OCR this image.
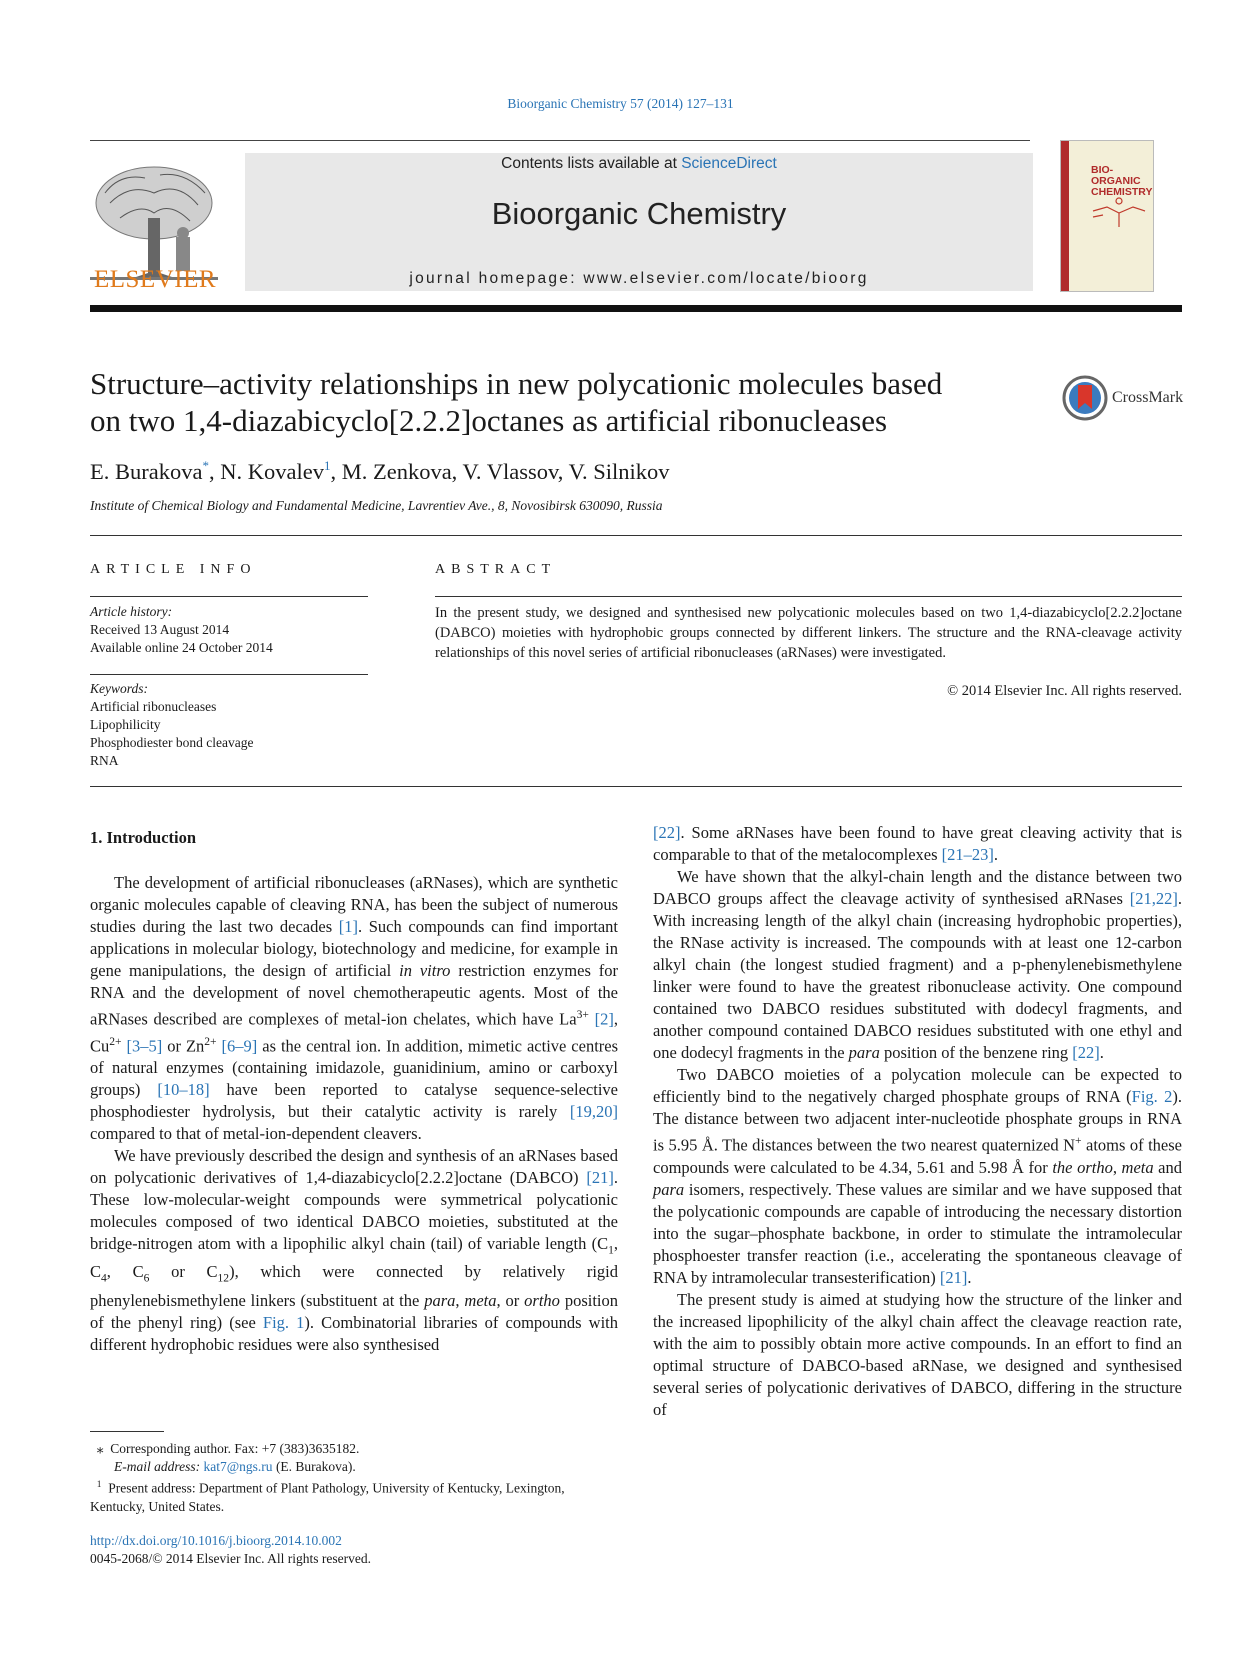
Bioorganic Chemistry 57 (2014) 127–131
ELSEVIER
Contents lists available at ScienceDirect
Bioorganic Chemistry
journal homepage: www.elsevier.com/locate/bioorg
BIO-ORGANIC
CHEMISTRY
Structure–activity relationships in new polycationic molecules based
on two 1,4-diazabicyclo[2.2.2]octanes as artificial ribonucleases
CrossMark
E. Burakova*, N. Kovalev$^1$, M. Zenkova, V. Vlassov, V. Silnikov
Institute of Chemical Biology and Fundamental Medicine, Lavrentiev Ave., 8, Novosibirsk 630090, Russia
ARTICLE INFO
Article history:
Received 13 August 2014
Available online 24 October 2014
Keywords:
Artificial ribonucleases
Lipophilicity
Phosphodiester bond cleavage
RNA
ABSTRACT
In the present study, we designed and synthesised new polycationic molecules based on two 1,4-diazabicyclo[2.2.2]octane (DABCO) moieties with hydrophobic groups connected by different linkers. The structure and the RNA-cleavage activity relationships of this novel series of artificial ribonucleases (aRNases) were investigated.
© 2014 Elsevier Inc. All rights reserved.
1. Introduction

The development of artificial ribonucleases (aRNases), which are synthetic organic molecules capable of cleaving RNA, has been the subject of numerous studies during the last two decades [1]. Such compounds can find important applications in molecular biology, biotechnology and medicine, for example in gene manipulations, the design of artificial in vitro restriction enzymes for RNA and the development of novel chemotherapeutic agents. Most of the aRNases described are complexes of metal-ion chelates, which have $La^{3+}$ [2], $Cu^{2+}$ [3–5] or $Zn^{2+}$ [6–9] as the central ion. In addition, mimetic active centres of natural enzymes (containing imidazole, guanidinium, amino or carboxyl groups) [10–18] have been reported to catalyse sequence-selective phosphodiester hydrolysis, but their catalytic activity is rarely [19,20] compared to that of metal-ion-dependent cleavers.

We have previously described the design and synthesis of an aRNases based on polycationic derivatives of 1,4-diazabicyclo[2.2.2]octane (DABCO) [21]. These low-molecular-weight compounds were symmetrical polycationic molecules composed of two identical DABCO moieties, substituted at the bridge-nitrogen atom with a lipophilic alkyl chain (tail) of variable length ($C_1$, $C_4$, $C_6$ or $C_{12}$), which were connected by relatively rigid phenylenebismethylene linkers (substituent at the para, meta, or ortho position of the phenyl ring) (see Fig. 1). Combinatorial libraries of compounds with different hydrophobic residues were also synthesised

⁎ Corresponding author. Fax: +7 (383)3635182.
E-mail address: kat7@ngs.ru (E. Burakova).
$^1$ Present address: Department of Plant Pathology, University of Kentucky, Lexington, Kentucky, United States.
http://dx.doi.org/10.1016/j.bioorg.2014.10.002
0045-2068/© 2014 Elsevier Inc. All rights reserved.

[22]. Some aRNases have been found to have great cleaving activity that is comparable to that of the metalocomplexes [21–23].

We have shown that the alkyl-chain length and the distance between two DABCO groups affect the cleavage activity of synthesised aRNases [21,22]. With increasing length of the alkyl chain (increasing hydrophobic properties), the RNase activity is increased. The compounds with at least one 12-carbon alkyl chain (the longest studied fragment) and a p-phenylenebismethylene linker were found to have the greatest ribonuclease activity. One compound contained two DABCO residues substituted with dodecyl fragments, and another compound contained DABCO residues substituted with one ethyl and one dodecyl fragments in the para position of the benzene ring [22].

Two DABCO moieties of a polycation molecule can be expected to efficiently bind to the negatively charged phosphate groups of RNA (Fig. 2). The distance between two adjacent inter-nucleotide phosphate groups in RNA is 5.95 Å. The distances between the two nearest quaternized N+ atoms of these compounds were calculated to be 4.34, 5.61 and 5.98 Å for the ortho, meta and para isomers, respectively. These values are similar and we have supposed that the polycationic compounds are capable of introducing the necessary distortion into the sugar–phosphate backbone, in order to stimulate the intramolecular phosphoester transfer reaction (i.e., accelerating the spontaneous cleavage of RNA by intramolecular transesterification) [21].

The present study is aimed at studying how the structure of the linker and the increased lipophilicity of the alkyl chain affect the cleavage reaction rate, with the aim to possibly obtain more active compounds. In an effort to find an optimal structure of DABCO-based aRNase, we designed and synthesised several series of polycationic derivatives of DABCO, differing in the structure of
